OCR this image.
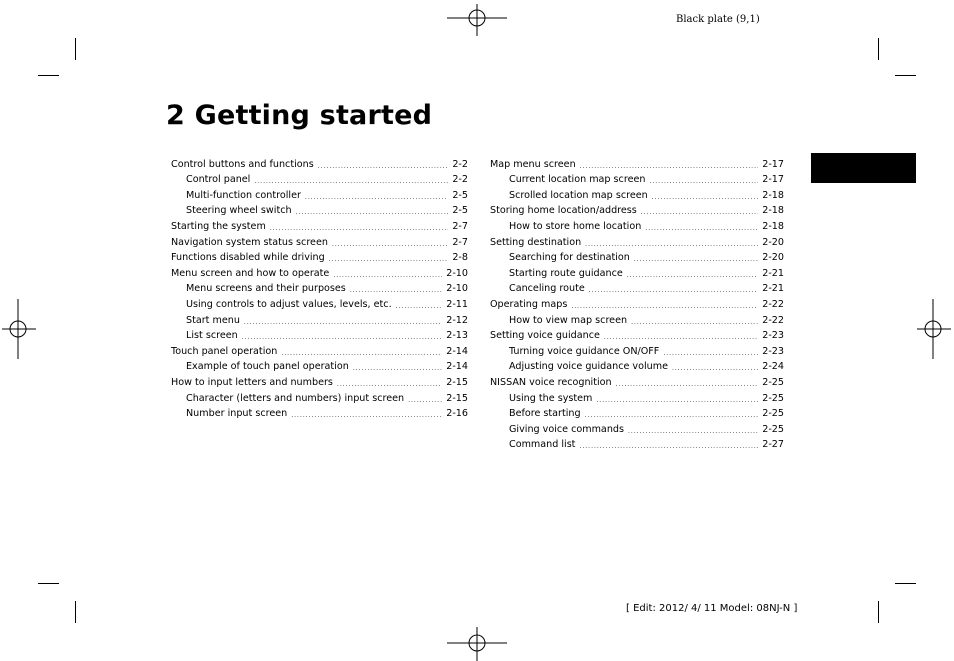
Black plate (9,1)
2 Getting started
Control buttons and functions .....	2-2
Control panel .....	2-2
Multi-function controller .....	2-5
Steering wheel switch .....	2-5
Starting the system .....	2-7
Navigation system status screen .....	2-7
Functions disabled while driving .....	2-8
Menu screen and how to operate .....	2-10
Menu screens and their purposes .....	2-10
Using controls to adjust values, levels, etc. .....	2-11
Start menu .....	2-12
List screen .....	2-13
Touch panel operation .....	2-14
Example of touch panel operation .....	2-14
How to input letters and numbers .....	2-15
Character (letters and numbers) input screen .....	2-15
Number input screen .....	2-16
Map menu screen .....	2-17
Current location map screen .....	2-17
Scrolled location map screen .....	2-18
Storing home location/address .....	2-18
How to store home location .....	2-18
Setting destination .....	2-20
Searching for destination .....	2-20
Starting route guidance .....	2-21
Canceling route .....	2-21
Operating maps .....	2-22
How to view map screen .....	2-22
Setting voice guidance .....	2-23
Turning voice guidance ON/OFF .....	2-23
Adjusting voice guidance volume .....	2-24
NISSAN voice recognition .....	2-25
Using the system .....	2-25
Before starting .....	2-25
Giving voice commands .....	2-25
Command list .....	2-27
[ Edit: 2012/ 4/ 11 Model: 08NJ-N ]
